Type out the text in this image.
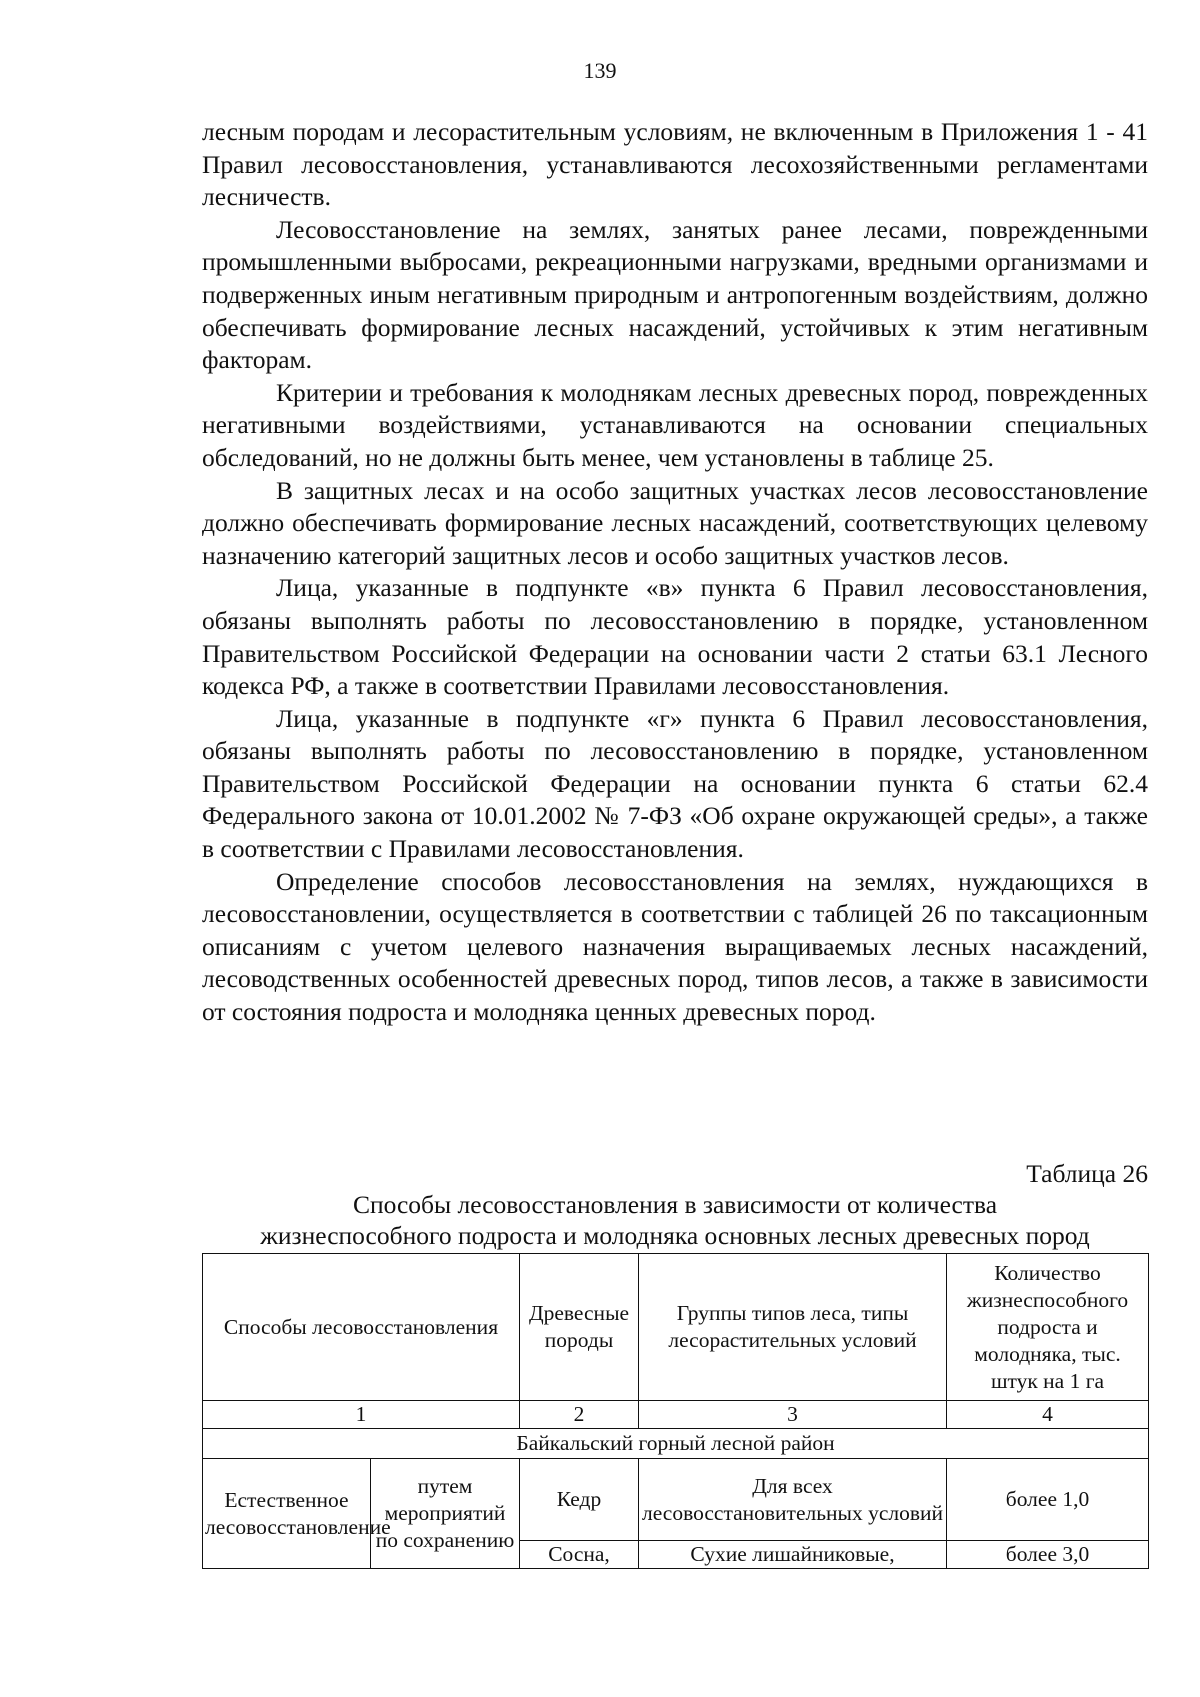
139

лесным породам и лесорастительным условиям, не включенным в Приложения 1 - 41 Правил лесовосстановления, устанавливаются лесохозяйственными регламентами лесничеств.

Лесовосстановление на землях, занятых ранее лесами, поврежденными промышленными выбросами, рекреационными нагрузками, вредными организмами и подверженных иным негативным природным и антропогенным воздействиям, должно обеспечивать формирование лесных насаждений, устойчивых к этим негативным факторам.

Критерии и требования к молоднякам лесных древесных пород, поврежденных негативными воздействиями, устанавливаются на основании специальных обследований, но не должны быть менее, чем установлены в таблице 25.

В защитных лесах и на особо защитных участках лесов лесовосстановление должно обеспечивать формирование лесных насаждений, соответствующих целевому назначению категорий защитных лесов и особо защитных участков лесов.

Лица, указанные в подпункте «в» пункта 6 Правил лесовосстановления, обязаны выполнять работы по лесовосстановлению в порядке, установленном Правительством Российской Федерации на основании части 2 статьи 63.1 Лесного кодекса РФ, а также в соответствии Правилами лесовосстановления.

Лица, указанные в подпункте «г» пункта 6 Правил лесовосстановления, обязаны выполнять работы по лесовосстановлению в порядке, установленном Правительством Российской Федерации на основании пункта 6 статьи 62.4 Федерального закона от 10.01.2002 № 7-ФЗ «Об охране окружающей среды», а также в соответствии с Правилами лесовосстановления.

Определение способов лесовосстановления на землях, нуждающихся в лесовосстановлении, осуществляется в соответствии с таблицей 26 по таксационным описаниям с учетом целевого назначения выращиваемых лесных насаждений, лесоводственных особенностей древесных пород, типов лесов, а также в зависимости от состояния подроста и молодняка ценных древесных пород.

Таблица 26
Способы лесовосстановления в зависимости от количества
жизнеспособного подроста и молодняка основных лесных древесных пород
Способы лесовосстановления		Древесные породы	Группы типов леса, типы лесорастительных условий	Количество жизнеспособного подроста и молодняка, тыс. штук на 1 га
1		2	3	4
Байкальский горный лесной район				
Естественное лесовосстановление	путем мероприятий по сохранению	Кедр	Для всех лесовосстановительных условий	более 1,0
		Сосна,	Сухие лишайниковые,	более 3,0
